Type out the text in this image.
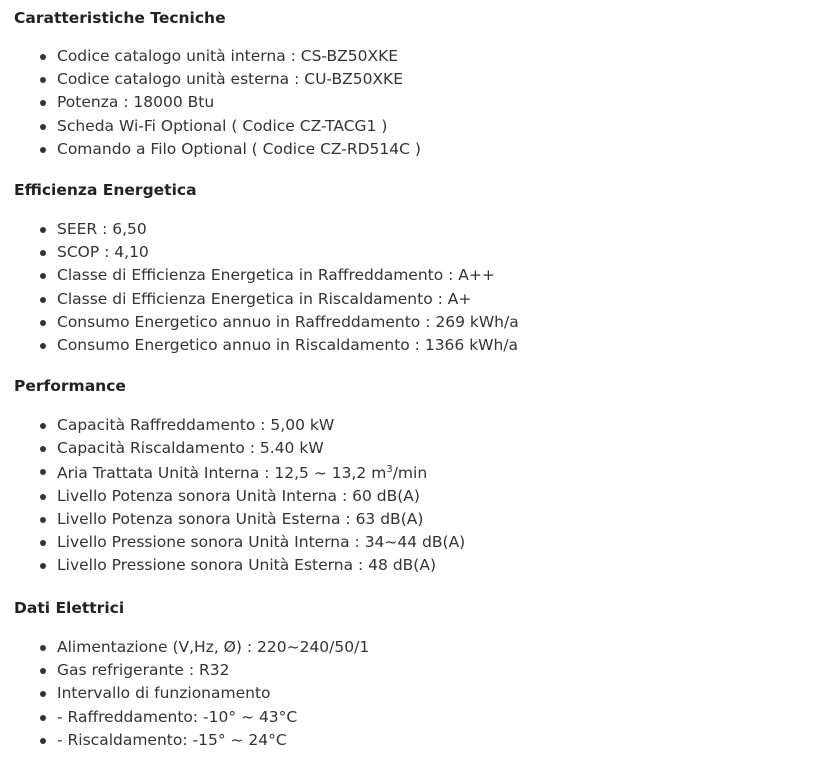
Caratteristiche Tecniche
Codice catalogo unità interna : CS-BZ50XKE
Codice catalogo unità esterna : CU-BZ50XKE
Potenza : 18000 Btu
Scheda Wi-Fi Optional ( Codice CZ-TACG1 )
Comando a Filo Optional ( Codice CZ-RD514C )
Efficienza Energetica
SEER : 6,50
SCOP : 4,10
Classe di Efficienza Energetica in Raffreddamento : A++
Classe di Efficienza Energetica in Riscaldamento : A+
Consumo Energetico annuo in Raffreddamento : 269 kWh/a
Consumo Energetico annuo in Riscaldamento : 1366 kWh/a
Performance
Capacità Raffreddamento : 5,00 kW
Capacità Riscaldamento : 5.40 kW
Aria Trattata Unità Interna : 12,5 ~ 13,2 $m^3/\min$
Livello Potenza sonora Unità Interna : 60 dB(A)
Livello Potenza sonora Unità Esterna : 63 dB(A)
Livello Pressione sonora Unità Interna : 34~44 dB(A)
Livello Pressione sonora Unità Esterna : 48 dB(A)
Dati Elettrici
Alimentazione (V,Hz, Ø) : 220~240/50/1
Gas refrigerante : R32
Intervallo di funzionamento
- Raffreddamento: -10° ~ 43°C
- Riscaldamento: -15° ~ 24°C
